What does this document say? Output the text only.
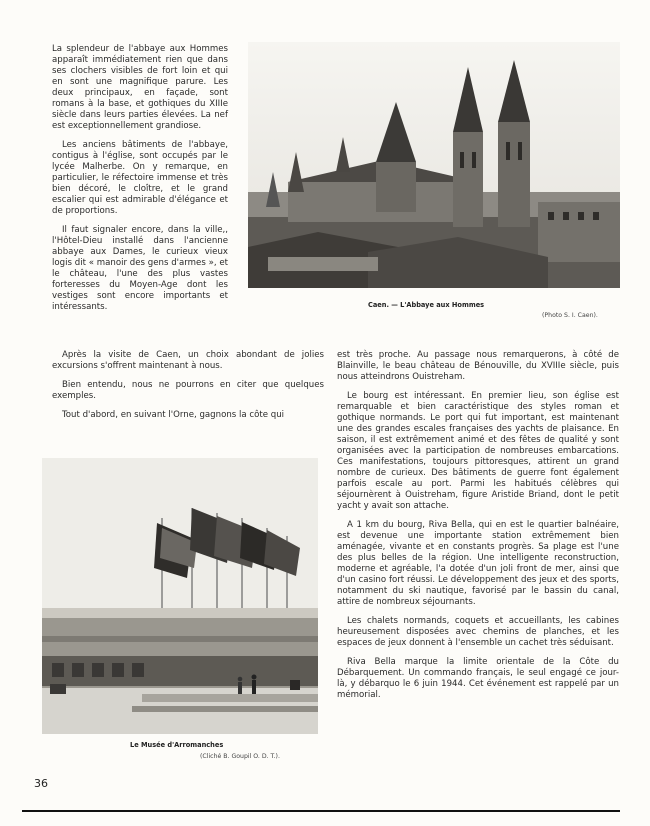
La splendeur de l'abbaye aux Hommes apparaît immédiatement rien que dans ses clochers visibles de fort loin et qui en sont une magnifique parure. Les deux principaux, en façade, sont romans à la base, et gothiques du XIIIe siècle dans leurs parties élevées. La nef est exceptionnellement grandiose.

Les anciens bâtiments de l'abbaye, contigus à l'église, sont occupés par le lycée Malherbe. On y remarque, en particulier, le réfectoire immense et très bien décoré, le cloître, et le grand escalier qui est admirable d'élégance et de proportions.

Il faut signaler encore, dans la ville,, l'Hôtel-Dieu installé dans l'ancienne abbaye aux Dames, le curieux vieux logis dit « manoir des gens d'armes », et le château, l'une des plus vastes forteresses du Moyen-Age dont les vestiges sont encore importants et intéressants.	Caen. — L'Abbaye aux Hommes
(Photo S. I. Caen).

Après la visite de Caen, un choix abondant de jolies excursions s'offrent maintenant à nous.

Bien entendu, nous ne pourrons en citer que quelques exemples.

Tout d'abord, en suivant l'Orne, gagnons la côte qui

Le Musée d'Arromanches
(Cliché B. Goupil O. D. T.).

est très proche. Au passage nous remarquerons, à côté de Blainville, le beau château de Bénouville, du XVIIIe siècle, puis nous atteindrons Ouistreham.

Le bourg est intéressant. En premier lieu, son église est remarquable et bien caractéristique des styles roman et gothique normands. Le port qui fut important, est maintenant une des grandes escales françaises des yachts de plaisance. En saison, il est extrêmement animé et des fêtes de qualité y sont organisées avec la participation de nombreuses embarcations. Ces manifestations, toujours pittoresques, attirent un grand nombre de curieux. Des bâtiments de guerre font également parfois escale au port. Parmi les habitués célèbres qui séjournèrent à Ouistreham, figure Aristide Briand, dont le petit yacht y avait son attache.

A 1 km du bourg, Riva Bella, qui en est le quartier balnéaire, est devenue une importante station extrêmement bien aménagée, vivante et en constants progrès. Sa plage est l'une des plus belles de la région. Une intelligente reconstruction, moderne et agréable, l'a dotée d'un joli front de mer, ainsi que d'un casino fort réussi. Le développement des jeux et des sports, notamment du ski nautique, favorisé par le bassin du canal, attire de nombreux séjournants.

Les chalets normands, coquets et accueillants, les cabines heureusement disposées avec chemins de planches, et les espaces de jeux donnent à l'ensemble un cachet très séduisant.

Riva Bella marque la limite orientale de la Côte du Débarquement. Un commando français, le seul engagé ce jour-là, y débarquo le 6 juin 1944. Cet événement est rappelé par un mémorial.

36
